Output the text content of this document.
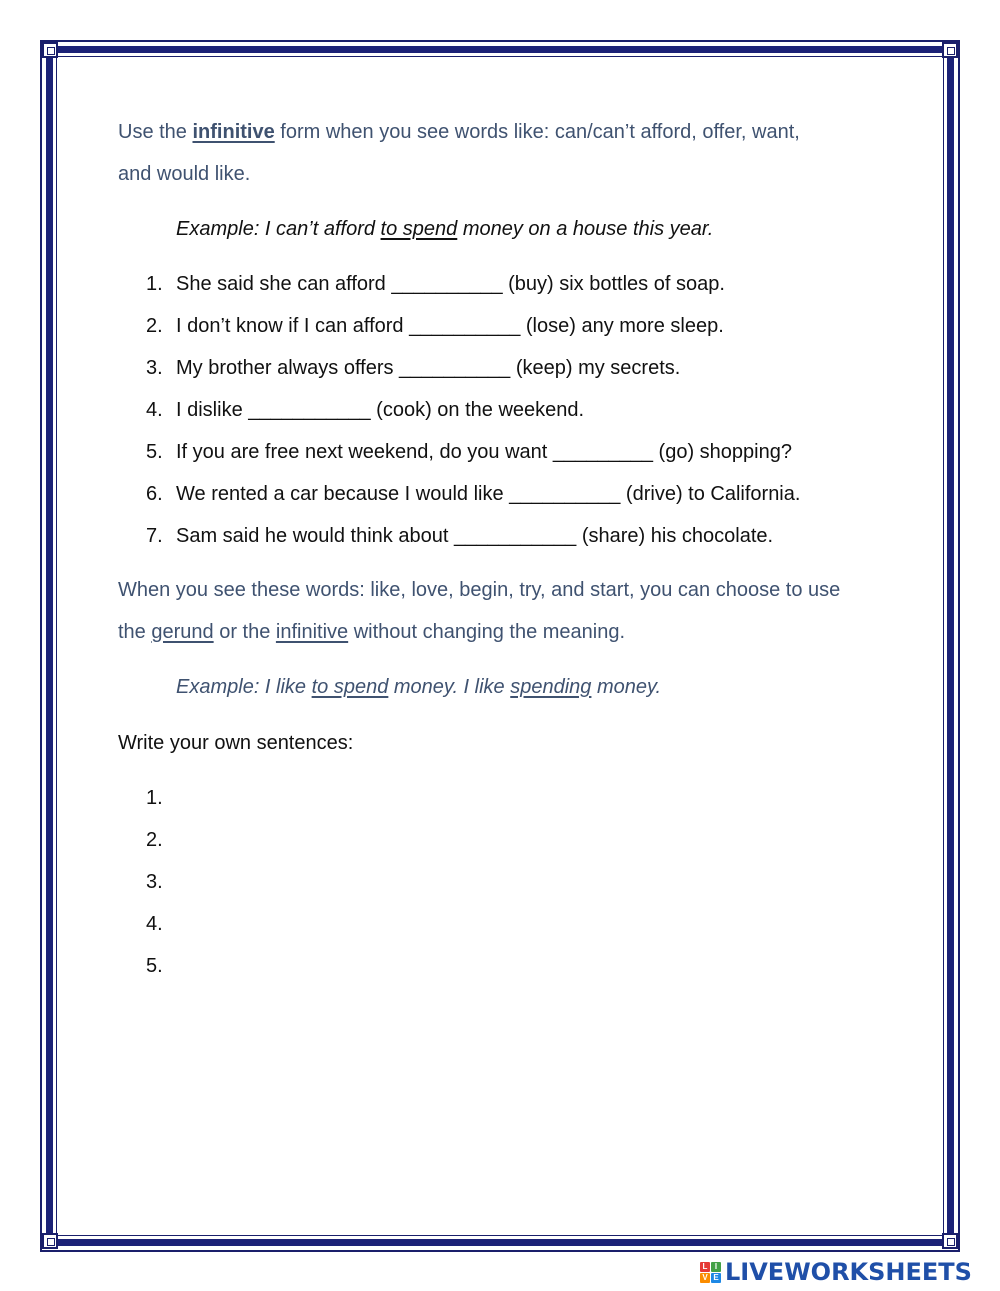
Use the infinitive form when you see words like: can/can’t afford, offer, want,
and would like.
Example: I can’t afford to spend money on a house this year.
1. She said she can afford __________ (buy) six bottles of soap.
2. I don’t know if I can afford __________ (lose) any more sleep.
3. My brother always offers __________ (keep) my secrets.
4. I dislike ___________ (cook) on the weekend.
5. If you are free next weekend, do you want _________ (go) shopping?
6. We rented a car because I would like __________ (drive) to California.
7. Sam said he would think about ___________ (share) his chocolate.
When you see these words: like, love, begin, try, and start, you can choose to use
the gerund or the infinitive without changing the meaning.
Example: I like to spend money. I like spending money.
Write your own sentences:
1.
2.
3.
4.
5.
L I
V E LIVEWORKSHEETS
